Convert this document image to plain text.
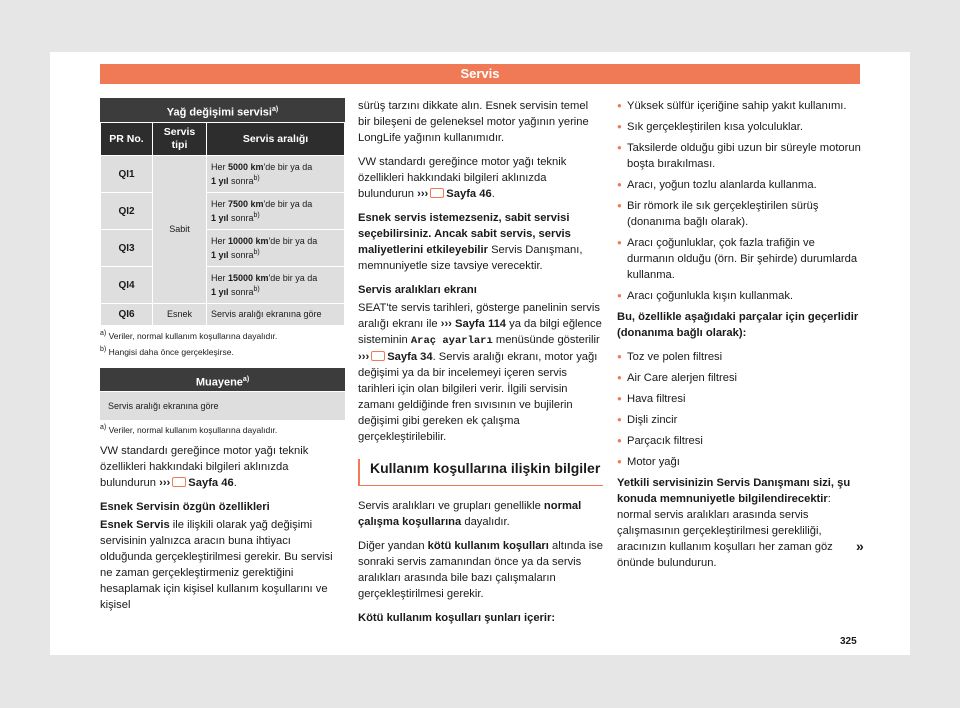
Servis
Yağ değişimi servisi$^{a)}$
PR No.	Servis tipi	Servis aralığı
QI1	Sabit	Her 5000 km'de bir ya da
1 yıl sonra$^{b)}$
QI2		Her 7500 km'de bir ya da
1 yıl sonra$^{b)}$
QI3		Her 10000 km'de bir ya da
1 yıl sonra$^{b)}$
QI4		Her 15000 km'de bir ya da
1 yıl sonra$^{b)}$
QI6	Esnek	Servis aralığı ekranına göre
$^{a)}$ Veriler, normal kullanım koşullarına dayalıdır.
$^{b)}$ Hangisi daha önce gerçekleşirse.
Muayene$^{a)}$
Servis aralığı ekranına göre
$^{a)}$ Veriler, normal kullanım koşullarına dayalıdır.

VW standardı gereğince motor yağı teknik özellikleri hakkındaki bilgileri aklınızda bulundurun ››› Sayfa 46.

Esnek Servisin özgün özellikleri

Esnek Servis ile ilişkili olarak yağ değişimi servisinin yalnızca aracın buna ihtiyacı olduğunda gerçekleştirilmesi gerekir. Bu servisi ne zaman gerçekleştirmeniz gerektiğini hesaplamak için kişisel kullanım koşullarını ve kişisel

sürüş tarzını dikkate alın. Esnek servisin temel bir bileşeni de geleneksel motor yağının yerine LongLife yağının kullanımıdır.

VW standardı gereğince motor yağı teknik özellikleri hakkındaki bilgileri aklınızda bulundurun ››› Sayfa 46.

Esnek servis istemezseniz, sabit servisi seçebilirsiniz. Ancak sabit servis, servis maliyetlerini etkileyebilir Servis Danışmanı, memnuniyetle size tavsiye verecektir.

Servis aralıkları ekranı

SEAT'te servis tarihleri, gösterge panelinin servis aralığı ekranı ile ››› Sayfa 114 ya da bilgi eğlence sisteminin Araç ayarları menüsünde gösterilir ››› Sayfa 34. Servis aralığı ekranı, motor yağı değişimi ya da bir incelemeyi içeren servis tarihleri için olan bilgileri verir. İlgili servisin zamanı geldiğinde fren sıvısının ve bujilerin değişimi gibi gereken ek çalışma gerçekleştirilebilir.

Kullanım koşullarına ilişkin bilgiler

Servis aralıkları ve grupları genellikle normal çalışma koşullarına dayalıdır.

Diğer yandan kötü kullanım koşulları altında ise sonraki servis zamanından önce ya da servis aralıkları arasında bile bazı çalışmaların gerçekleştirilmesi gerekir.

Kötü kullanım koşulları şunları içerir:

● Yüksek sülfür içeriğine sahip yakıt kullanımı.
● Sık gerçekleştirilen kısa yolculuklar.
● Taksilerde olduğu gibi uzun bir süreyle motorun boşta bırakılması.
● Aracı, yoğun tozlu alanlarda kullanma.
● Bir römork ile sık gerçekleştirilen sürüş (donanıma bağlı olarak).
● Aracı çoğunluklar, çok fazla trafiğin ve durmanın olduğu (örn. Bir şehirde) durumlarda kullanma.
● Aracı çoğunlukla kışın kullanmak.

Bu, özellikle aşağıdaki parçalar için geçerlidir (donanıma bağlı olarak):

● Toz ve polen filtresi
● Air Care alerjen filtresi
● Hava filtresi
● Dişli zincir
● Parçacık filtresi
● Motor yağı

Yetkili servisinizin Servis Danışmanı sizi, şu konuda memnuniyetle bilgilendirecektir: normal servis aralıkları arasında servis çalışmasının gerçekleştirilmesi gerekliliği, aracınızın kullanım koşulları her zaman göz önünde bulundurun.

»
325
